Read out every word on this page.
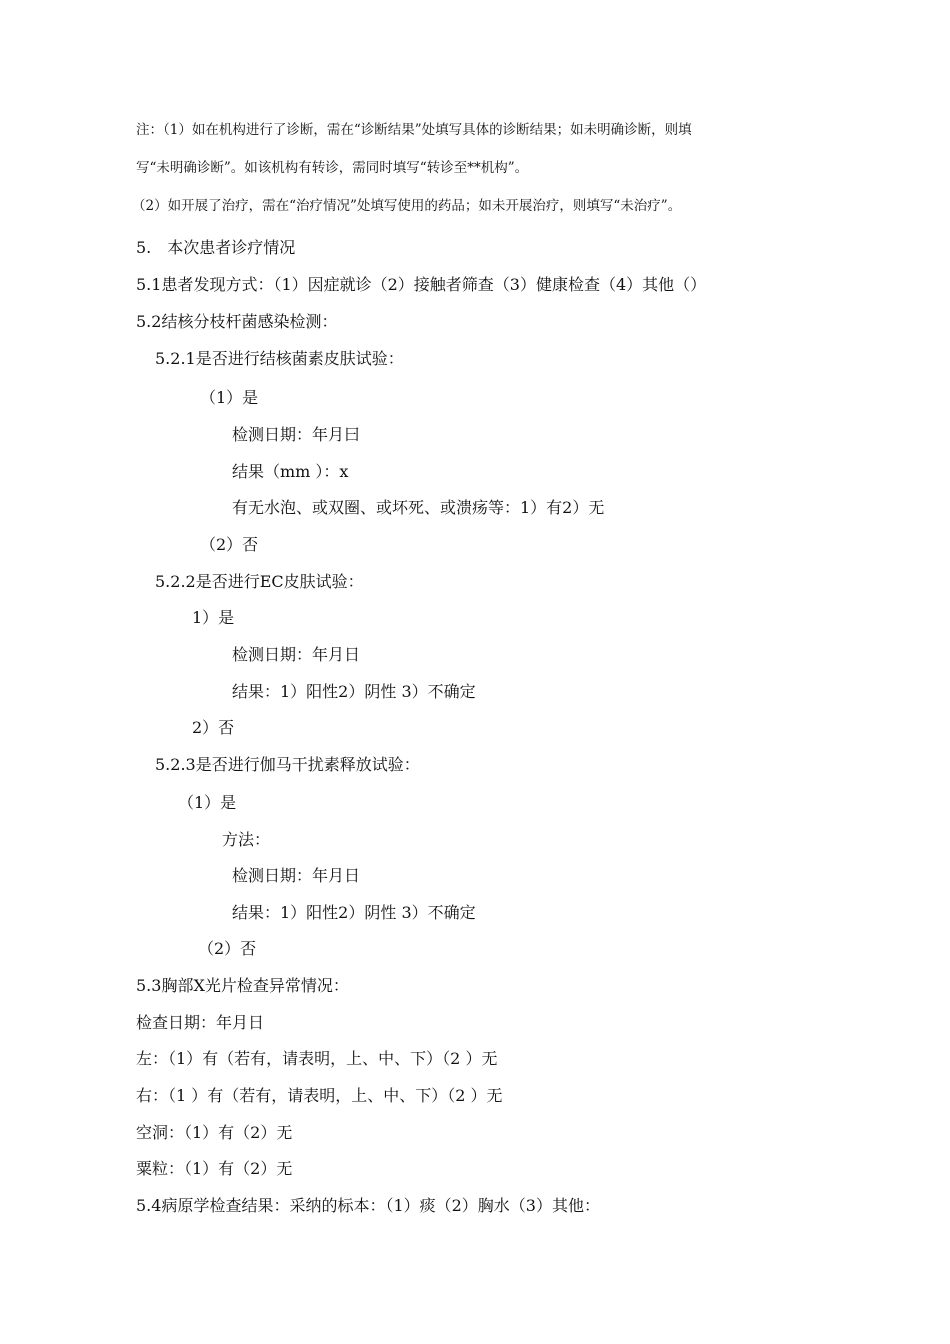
注：（1）如在机构进行了诊断，需在“诊断结果”处填写具体的诊断结果；如未明确诊断，则填
写“未明确诊断”。如该机构有转诊，需同时填写“转诊至**机构”。
（2）如开展了治疗，需在“治疗情况”处填写使用的药品；如未开展治疗，则填写“未治疗”。
5.　本次患者诊疗情况
5.1患者发现方式：（1）因症就诊（2）接触者筛查（3）健康检查（4）其他（）
5.2结核分枝杆菌感染检测：
5.2.1是否进行结核菌素皮肤试验：
（1）是
检测日期：年月曰
结果（mm ）：x
有无水泡、或双圈、或坏死、或溃疡等：1）有2）无
（2）否
5.2.2是否进行EC皮肤试验：
1）是
检测日期：年月日
结果：1）阳性2）阴性 3）不确定
2）否
5.2.3是否进行伽马干扰素释放试验：
（1）是
方法：
检测日期：年月日
结果：1）阳性2）阴性 3）不确定
（2）否
5.3胸部X光片检查异常情况：
检查日期：年月日
左：（1）有（若有，请表明，上、中、下）（2 ）无
右：（1 ）有（若有，请表明，上、中、下）（2 ）无
空洞：（1）有（2）无
粟粒：（1）有（2）无
5.4病原学检查结果：采纳的标本：（1）痰（2）胸水（3）其他：
